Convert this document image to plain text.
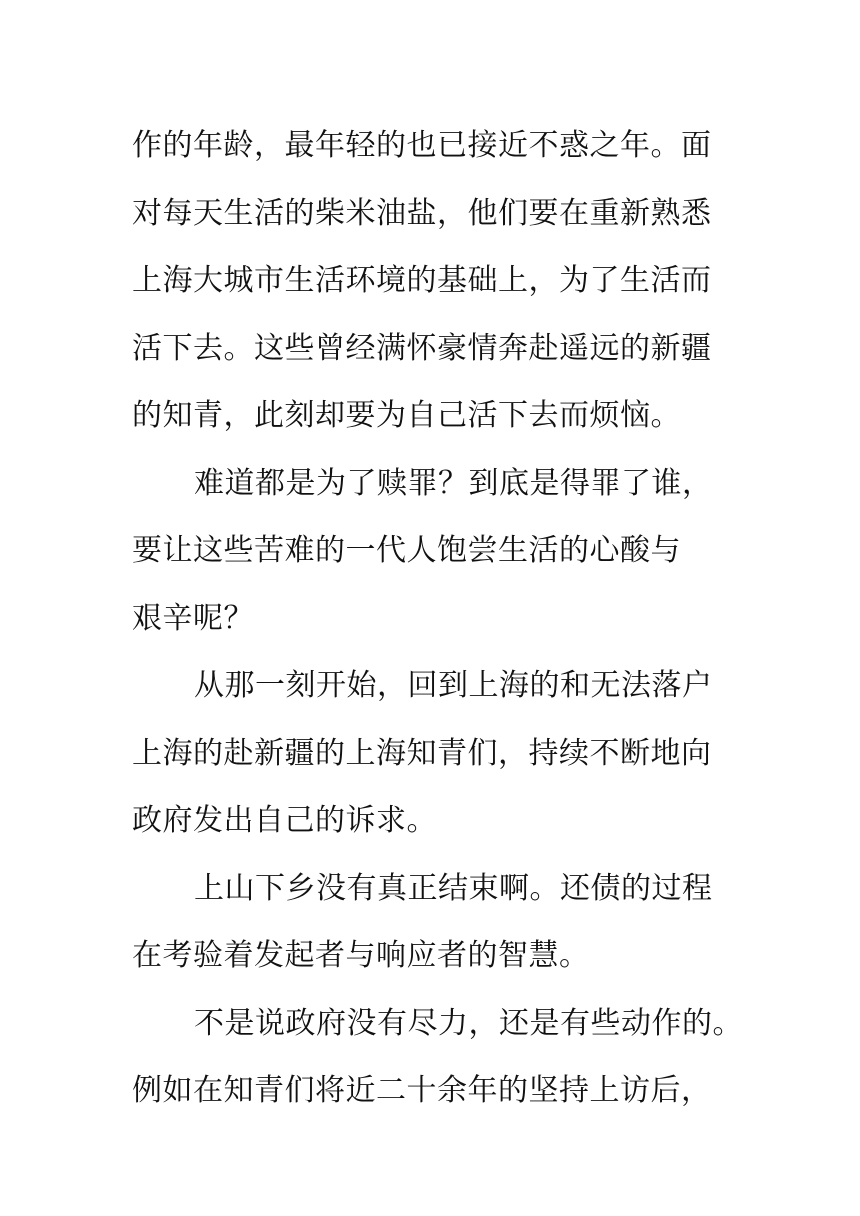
作的年龄，最年轻的也已接近不惑之年。面
对每天生活的柴米油盐，他们要在重新熟悉
上海大城市生活环境的基础上，为了生活而
活下去。这些曾经满怀豪情奔赴遥远的新疆
的知青，此刻却要为自己活下去而烦恼。
难道都是为了赎罪？到底是得罪了谁，
要让这些苦难的一代人饱尝生活的心酸与
艰辛呢？
从那一刻开始，回到上海的和无法落户
上海的赴新疆的上海知青们，持续不断地向
政府发出自己的诉求。
上山下乡没有真正结束啊。还债的过程
在考验着发起者与响应者的智慧。
不是说政府没有尽力，还是有些动作的。
例如在知青们将近二十余年的坚持上访后，
